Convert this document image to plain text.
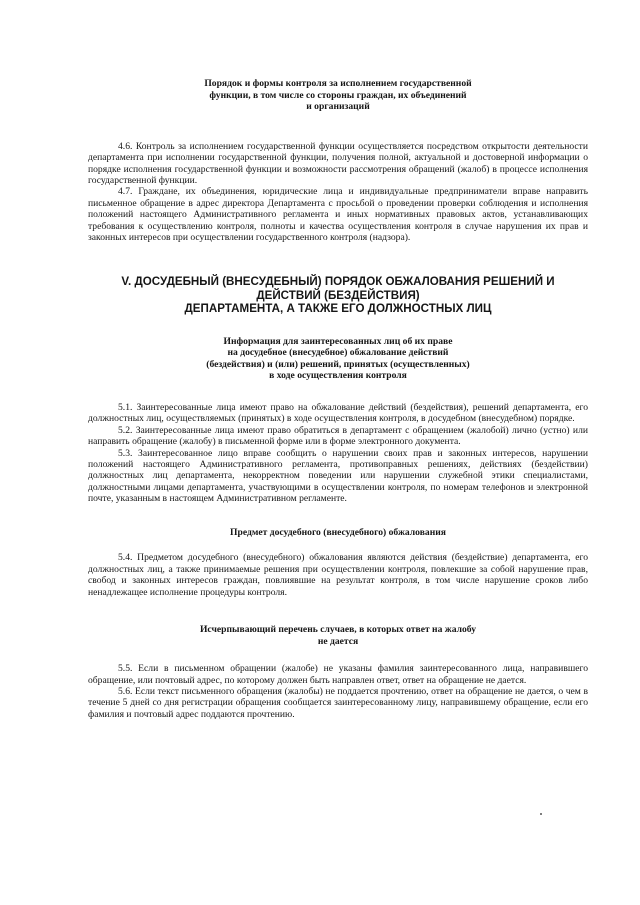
Порядок и формы контроля за исполнением государственной
функции, в том числе со стороны граждан, их объединений
и организаций

4.6. Контроль за исполнением государственной функции осуществляется посредством открытости деятельности департамента при исполнении государственной функции, получения полной, актуальной и достоверной информации о порядке исполнения государственной функции и возможности рассмотрения обращений (жалоб) в процессе исполнения государственной функции.

4.7. Граждане, их объединения, юридические лица и индивидуальные предприниматели вправе направить письменное обращение в адрес директора Департамента с просьбой о проведении проверки соблюдения и исполнения положений настоящего Административного регламента и иных нормативных правовых актов, устанавливающих требования к осуществлению контроля, полноты и качества осуществления контроля в случае нарушения их прав и законных интересов при осуществлении государственного контроля (надзора).

V. ДОСУДЕБНЫЙ (ВНЕСУДЕБНЫЙ) ПОРЯДОК ОБЖАЛОВАНИЯ РЕШЕНИЙ И
ДЕЙСТВИЙ (БЕЗДЕЙСТВИЯ)
ДЕПАРТАМЕНТА, А ТАКЖЕ ЕГО ДОЛЖНОСТНЫХ ЛИЦ
Информация для заинтересованных лиц об их праве
на досудебное (внесудебное) обжалование действий
(бездействия) и (или) решений, принятых (осуществленных)
в ходе осуществления контроля

5.1. Заинтересованные лица имеют право на обжалование действий (бездействия), решений департамента, его должностных лиц, осуществляемых (принятых) в ходе осуществления контроля, в досудебном (внесудебном) порядке.

5.2. Заинтересованные лица имеют право обратиться в департамент с обращением (жалобой) лично (устно) или направить обращение (жалобу) в письменной форме или в форме электронного документа.

5.3. Заинтересованное лицо вправе сообщить о нарушении своих прав и законных интересов, нарушении положений настоящего Административного регламента, противоправных решениях, действиях (бездействии) должностных лиц департамента, некорректном поведении или нарушении служебной этики специалистами, должностными лицами департамента, участвующими в осуществлении контроля, по номерам телефонов и электронной почте, указанным в настоящем Административном регламенте.

Предмет досудебного (внесудебного) обжалования

5.4. Предметом досудебного (внесудебного) обжалования являются действия (бездействие) департамента, его должностных лиц, а также принимаемые решения при осуществлении контроля, повлекшие за собой нарушение прав, свобод и законных интересов граждан, повлиявшие на результат контроля, в том числе нарушение сроков либо ненадлежащее исполнение процедуры контроля.

Исчерпывающий перечень случаев, в которых ответ на жалобу
не дается

5.5. Если в письменном обращении (жалобе) не указаны фамилия заинтересованного лица, направившего обращение, или почтовый адрес, по которому должен быть направлен ответ, ответ на обращение не дается.

5.6. Если текст письменного обращения (жалобы) не поддается прочтению, ответ на обращение не дается, о чем в течение 5 дней со дня регистрации обращения сообщается заинтересованному лицу, направившему обращение, если его фамилия и почтовый адрес поддаются прочтению.
